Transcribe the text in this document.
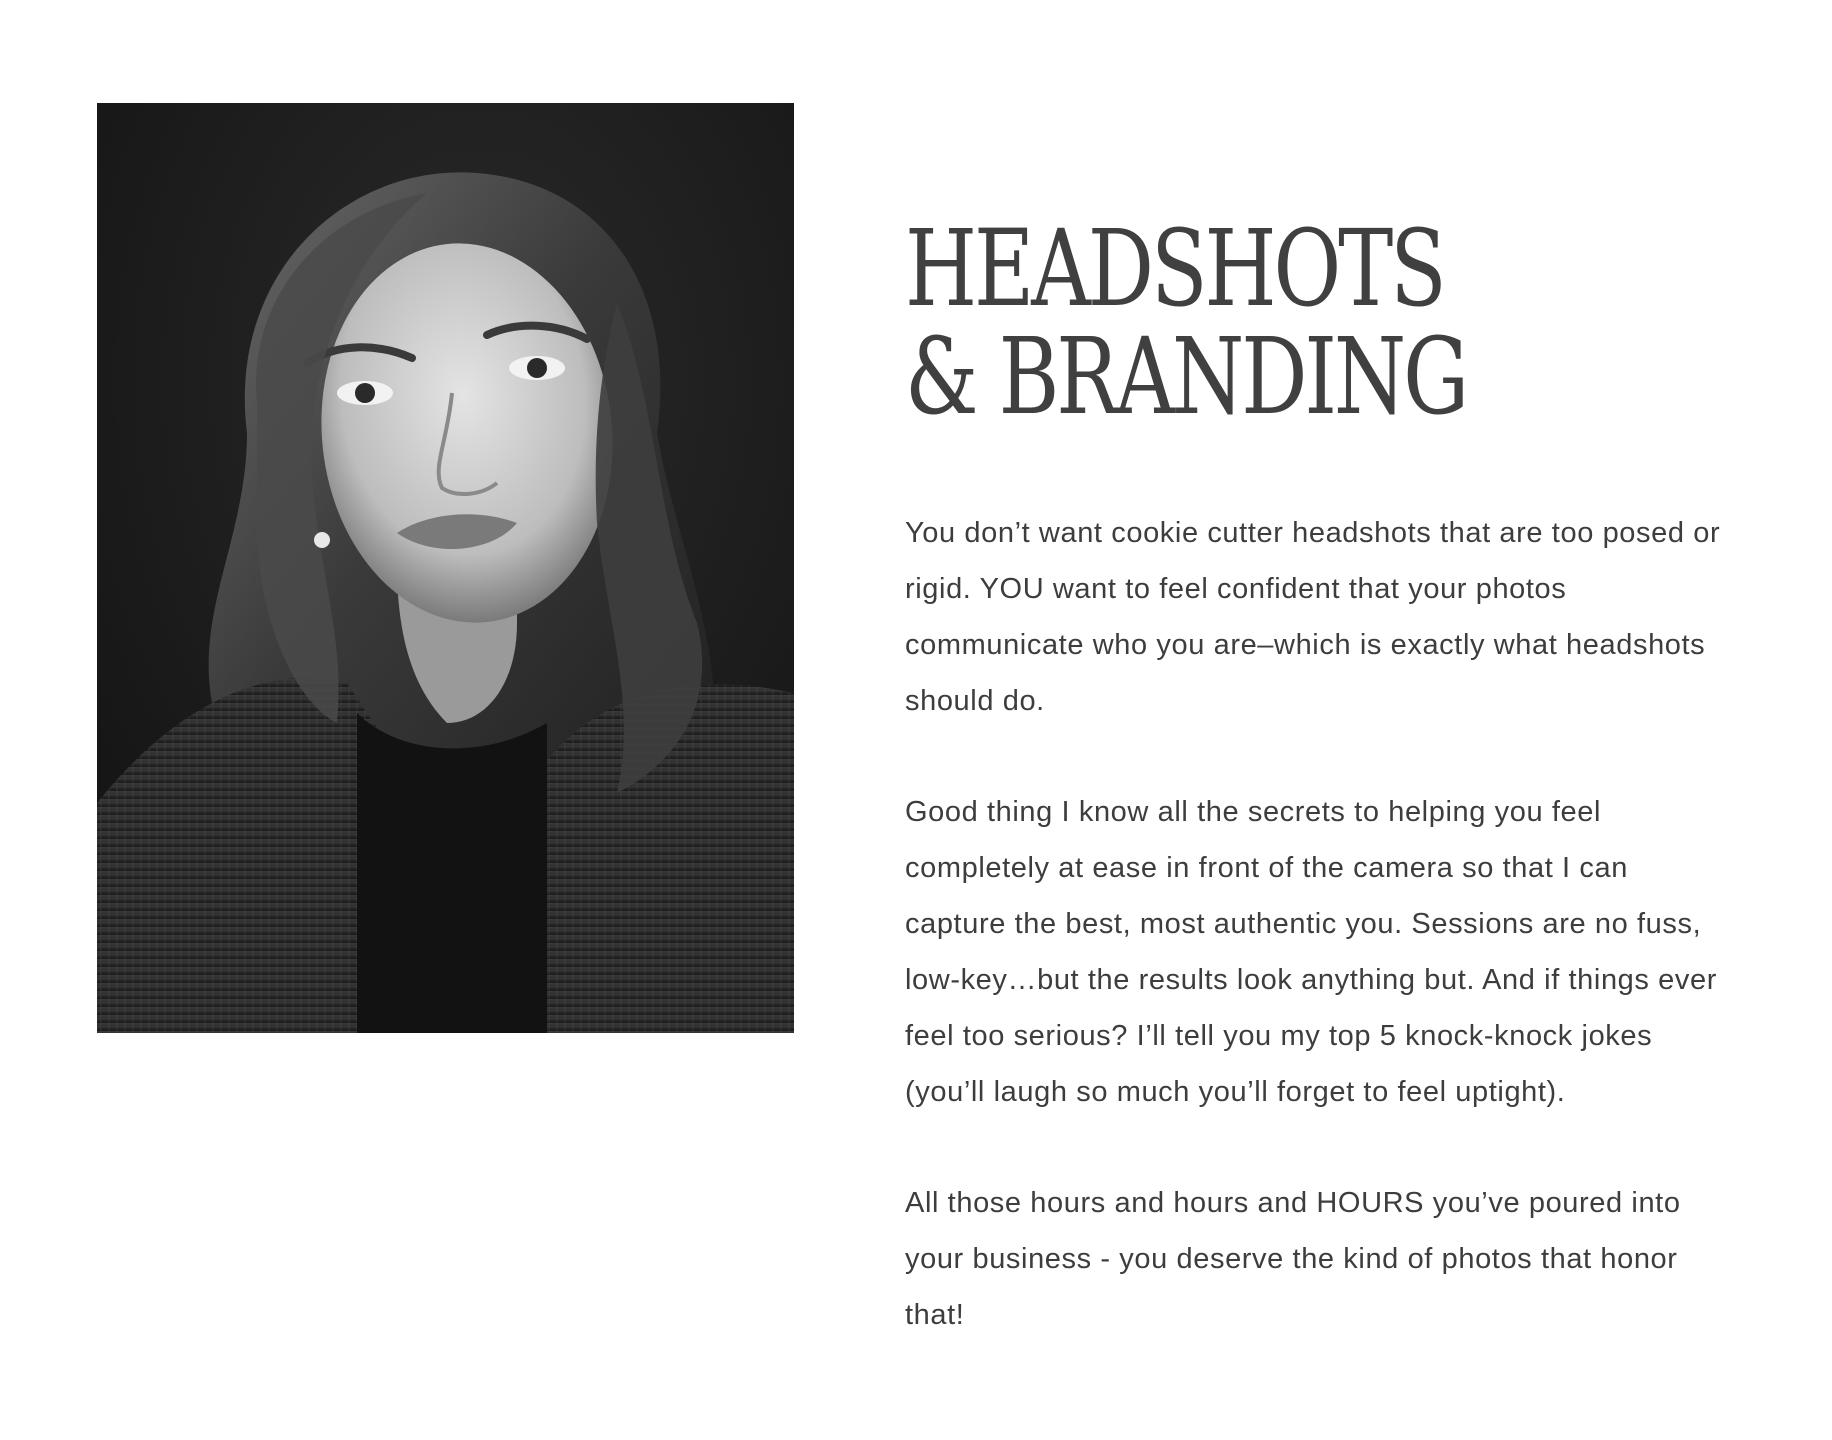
HEADSHOTS
& BRANDING

You don’t want cookie cutter headshots that are too posed or rigid. YOU want to feel confident that your photos communicate who you are–which is exactly what headshots should do.

Good thing I know all the secrets to helping you feel completely at ease in front of the camera so that I can capture the best, most authentic you. Sessions are no fuss, low-key…but the results look anything but. And if things ever feel too serious? I’ll tell you my top 5 knock-knock jokes (you’ll laugh so much you’ll forget to feel uptight).

All those hours and hours and HOURS you’ve poured into your business - you deserve the kind of photos that honor that!
